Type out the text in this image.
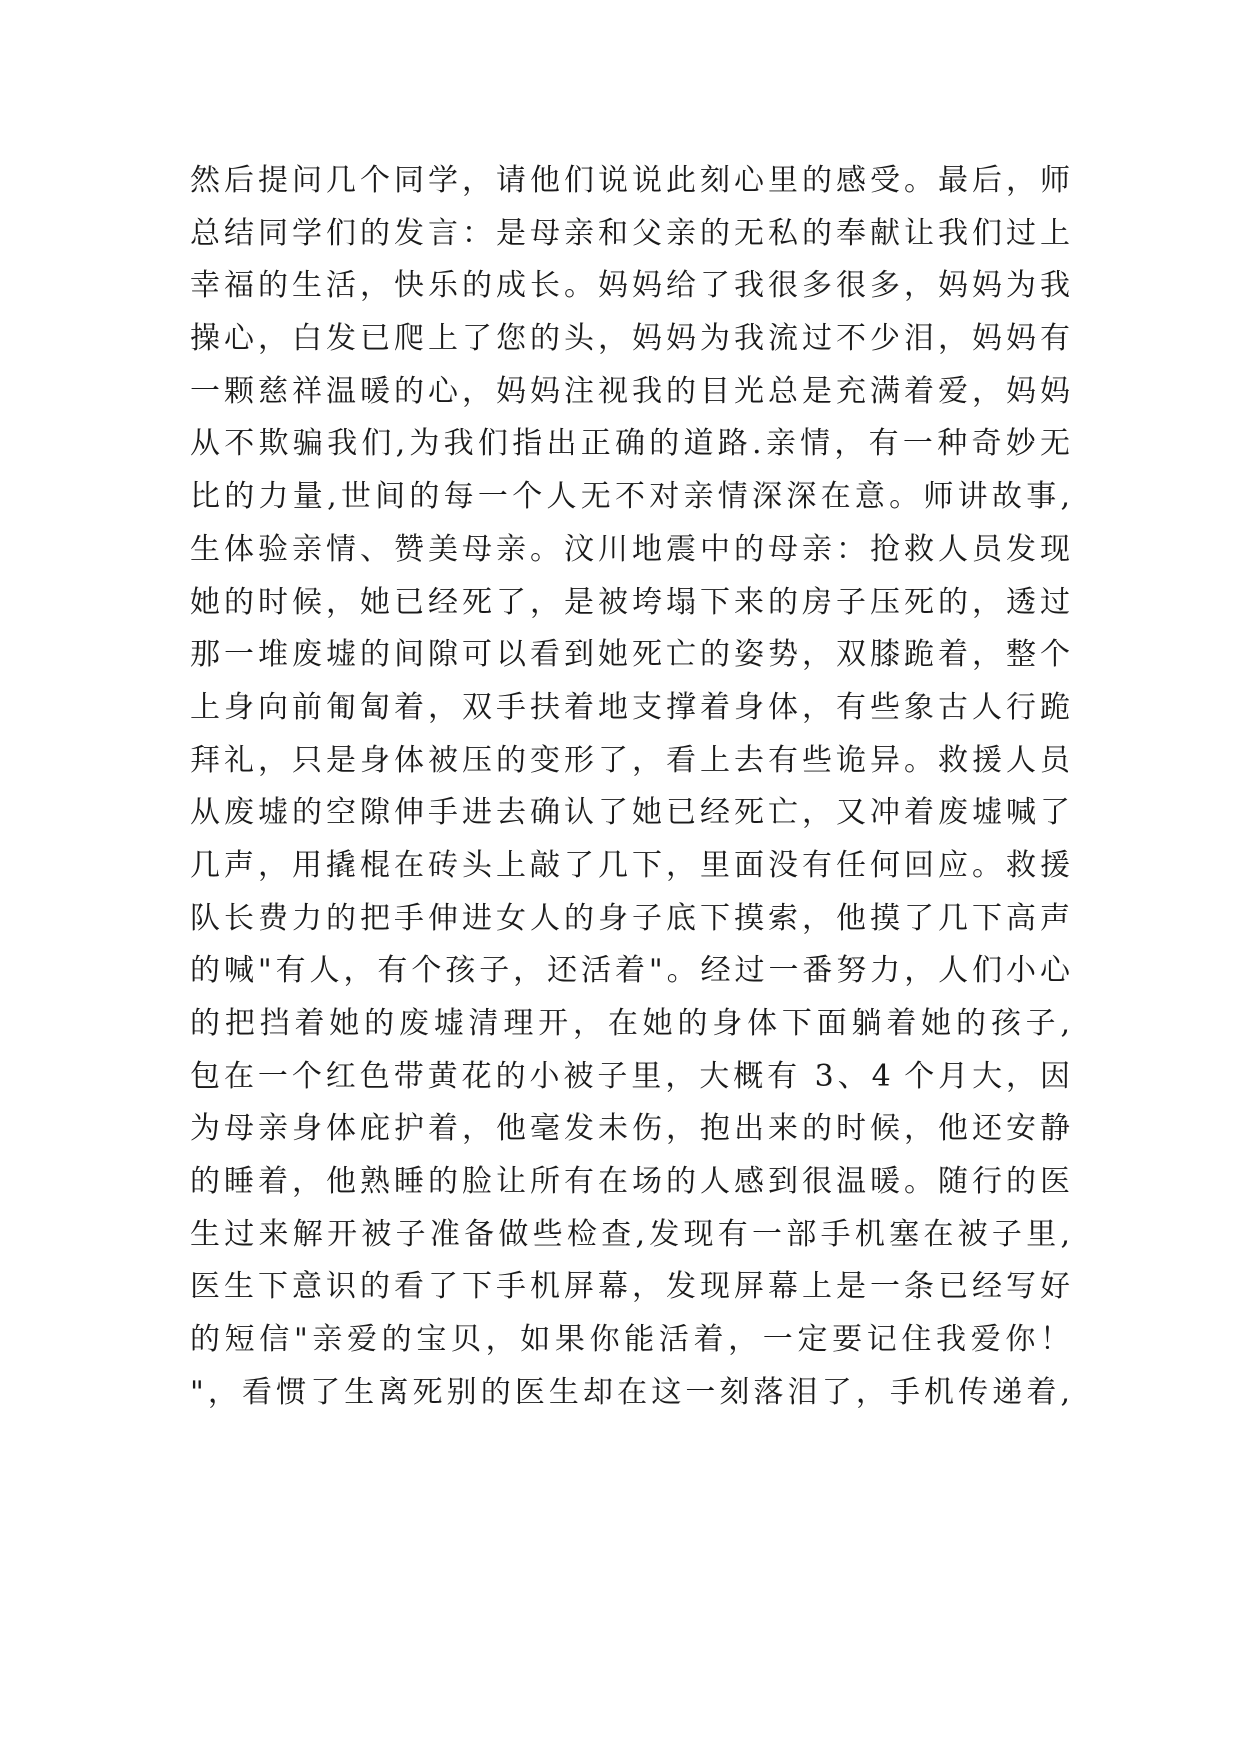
然后提问几个同学，请他们说说此刻心里的感受。最后，师
总结同学们的发言：是母亲和父亲的无私的奉献让我们过上
幸福的生活，快乐的成长。妈妈给了我很多很多，妈妈为我
操心，白发已爬上了您的头，妈妈为我流过不少泪，妈妈有
一颗慈祥温暖的心，妈妈注视我的目光总是充满着爱，妈妈
从不欺骗我们,为我们指出正确的道路.亲情，有一种奇妙无
比的力量,世间的每一个人无不对亲情深深在意。师讲故事,
生体验亲情、赞美母亲。汶川地震中的母亲：抢救人员发现
她的时候，她已经死了，是被垮塌下来的房子压死的，透过
那一堆废墟的间隙可以看到她死亡的姿势，双膝跪着，整个
上身向前匍匐着，双手扶着地支撑着身体，有些象古人行跪
拜礼，只是身体被压的变形了，看上去有些诡异。救援人员
从废墟的空隙伸手进去确认了她已经死亡，又冲着废墟喊了
几声，用撬棍在砖头上敲了几下，里面没有任何回应。救援
队长费力的把手伸进女人的身子底下摸索，他摸了几下高声
的喊"有人，有个孩子，还活着"。经过一番努力，人们小心
的把挡着她的废墟清理开，在她的身体下面躺着她的孩子,
包在一个红色带黄花的小被子里，大概有 3、4 个月大，因
为母亲身体庇护着，他毫发未伤，抱出来的时候，他还安静
的睡着，他熟睡的脸让所有在场的人感到很温暖。随行的医
生过来解开被子准备做些检查,发现有一部手机塞在被子里,
医生下意识的看了下手机屏幕，发现屏幕上是一条已经写好
的短信"亲爱的宝贝，如果你能活着，一定要记住我爱你！
"，看惯了生离死别的医生却在这一刻落泪了，手机传递着,
